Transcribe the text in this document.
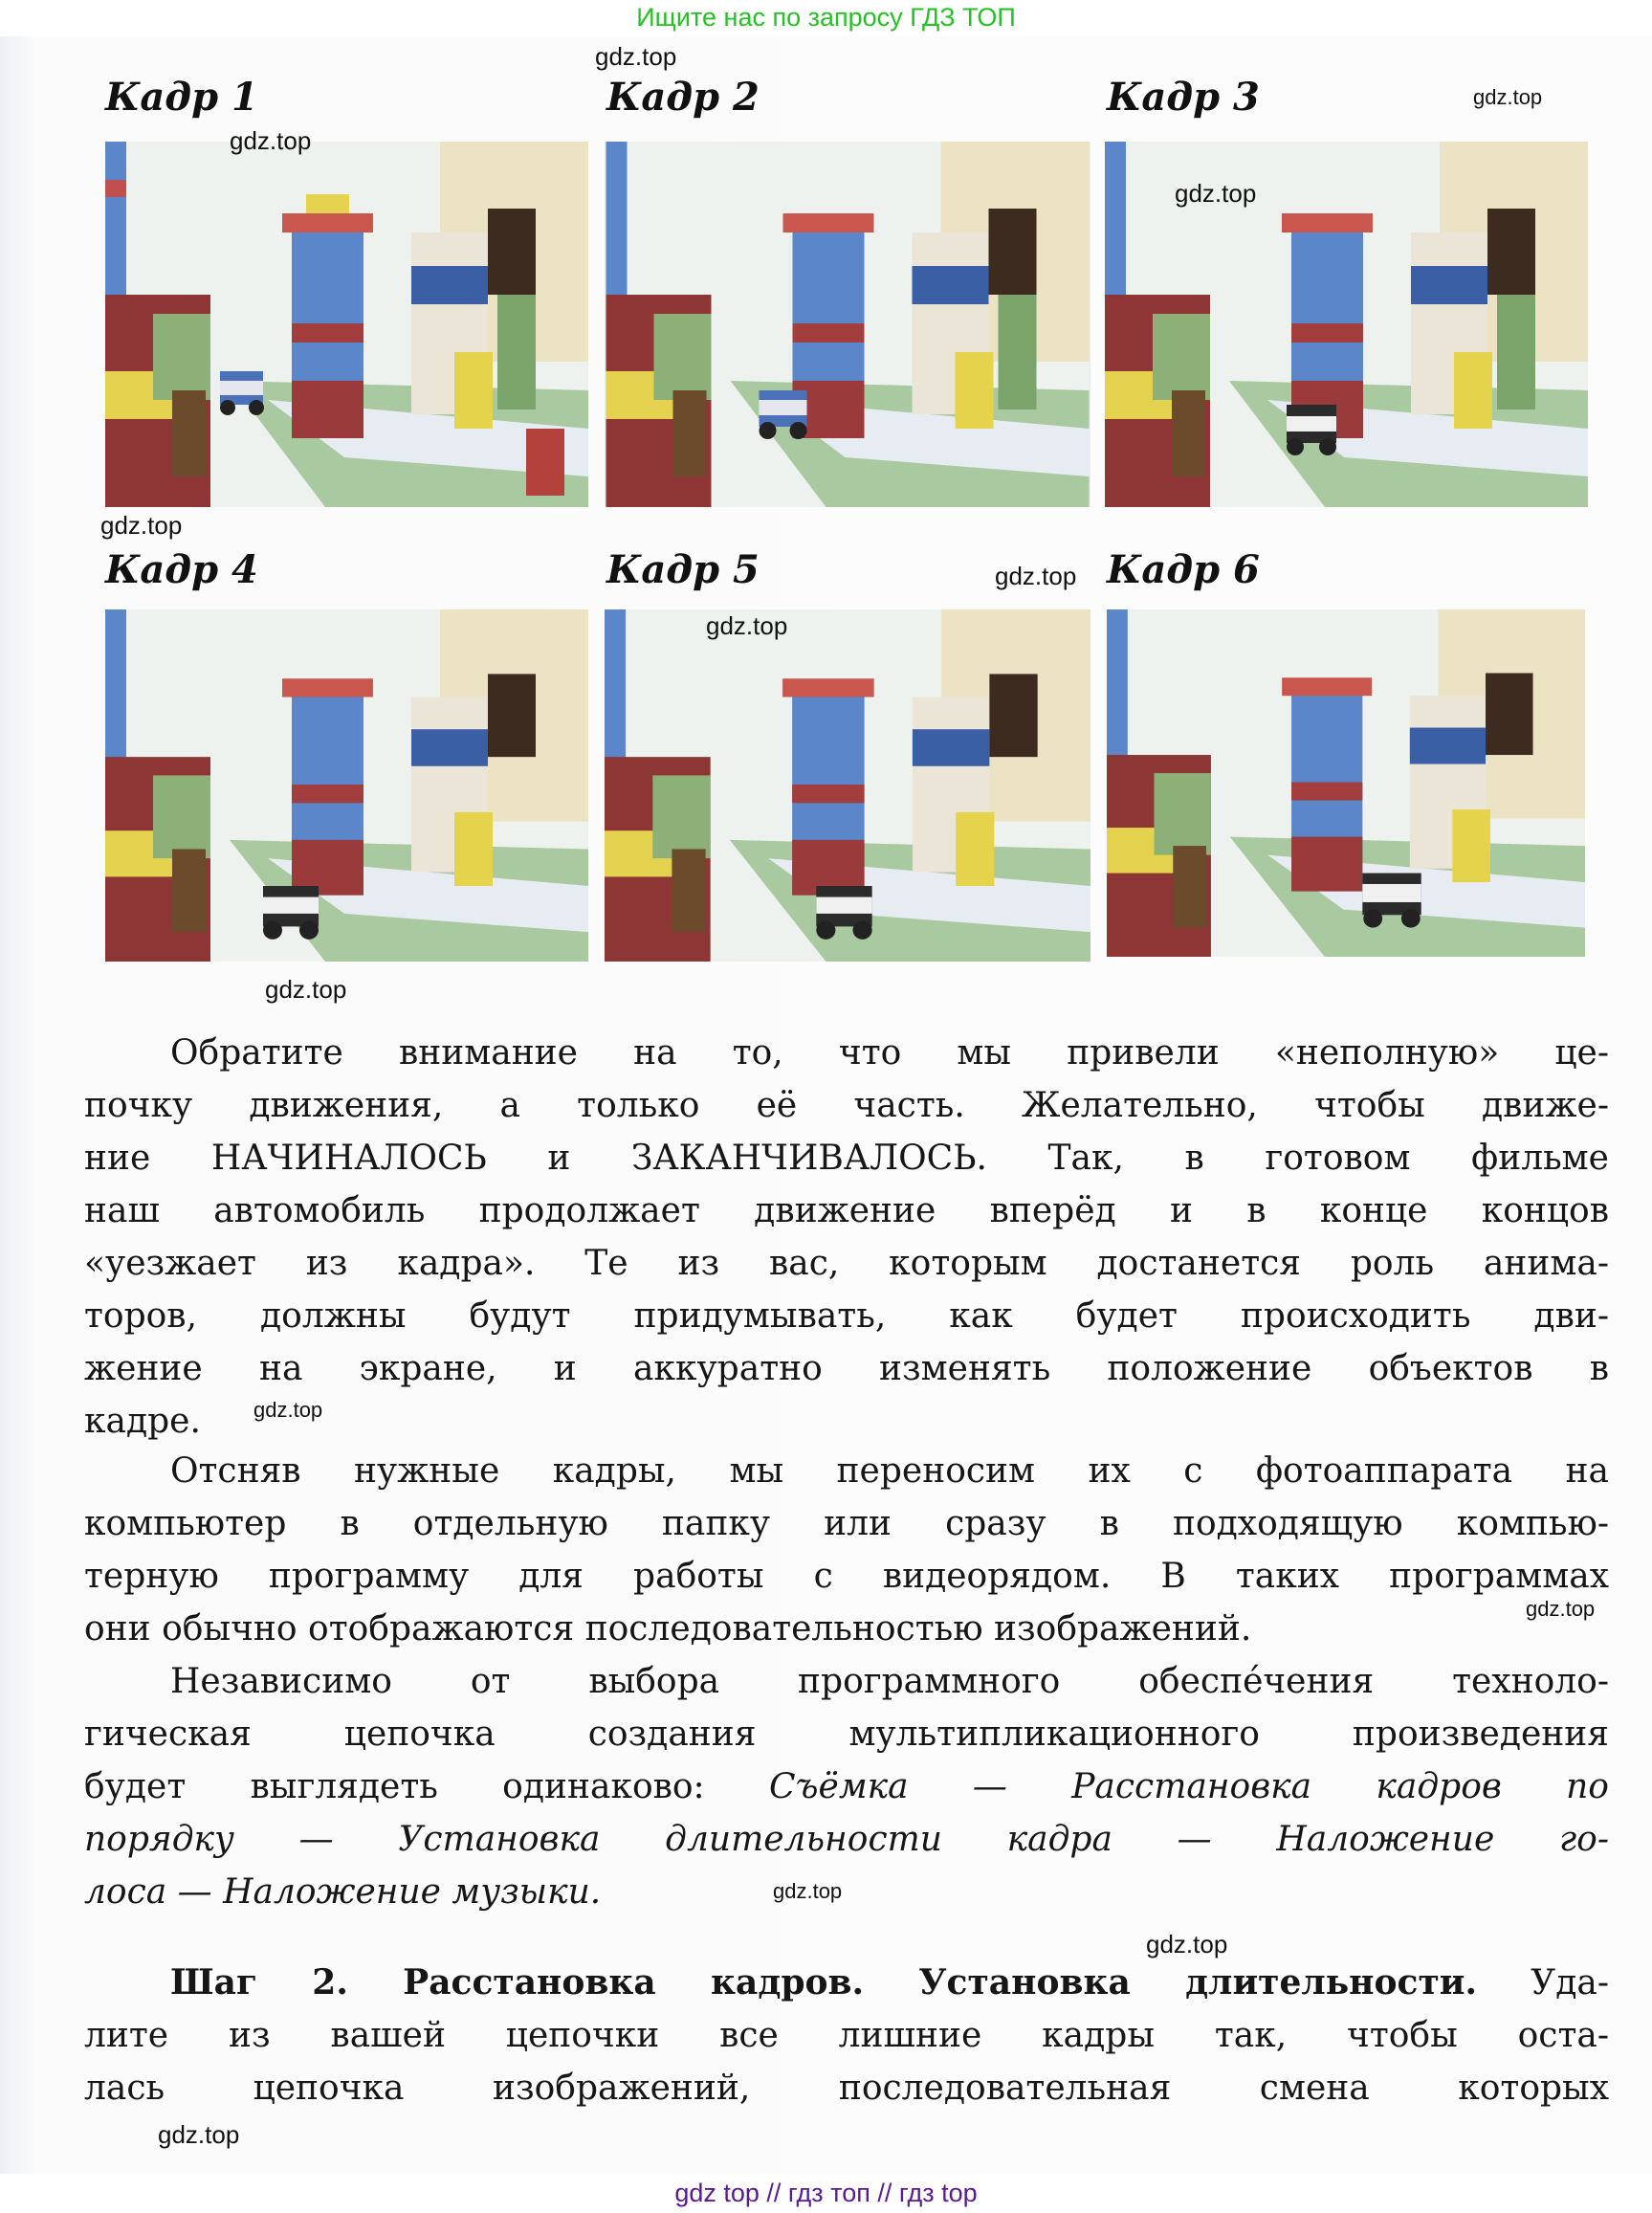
Ищите нас по запросу ГДЗ ТОП
Кадр 1	Кадр 2	Кадр 3
Кадр 4	Кадр 5	Кадр 6
gdz.top
gdz.top
gdz.top
gdz.top
gdz.top
gdz.top
gdz.top
gdz.top
gdz.top
gdz.top
gdz.top
gdz.top
gdz.top
Обратите внимание на то, что мы привели «неполную» це-
почку движения, а только её часть. Желательно, чтобы движе-
ние НАЧИНАЛОСЬ и ЗАКАНЧИВАЛОСЬ. Так, в готовом фильме
наш автомобиль продолжает движение вперёд и в конце концов
«уезжает из кадра». Те из вас, которым достанется роль анима-
торов, должны будут придумывать, как будет происходить дви-
жение на экране, и аккуратно изменять положение объектов в
кадре.
Отсняв нужные кадры, мы переносим их с фотоаппарата на
компьютер в отдельную папку или сразу в подходящую компью-
терную программу для работы с видеорядом. В таких программах
они обычно отображаются последовательностью изображений.
Независимо от выбора программного обеспе́чения техноло-
гическая цепочка создания мультипликационного произведения
будет выглядеть одинаково: Съёмка — Расстановка кадров по
порядку — Установка длительности кадра — Наложение го-
лоса — Наложение музыки.
Шаг 2. Расстановка кадров. Установка длительности. Уда-
лите из вашей цепочки все лишние кадры так, чтобы оста-
лась цепочка изображений, последовательная смена которых
gdz top // гдз топ // гдз top
